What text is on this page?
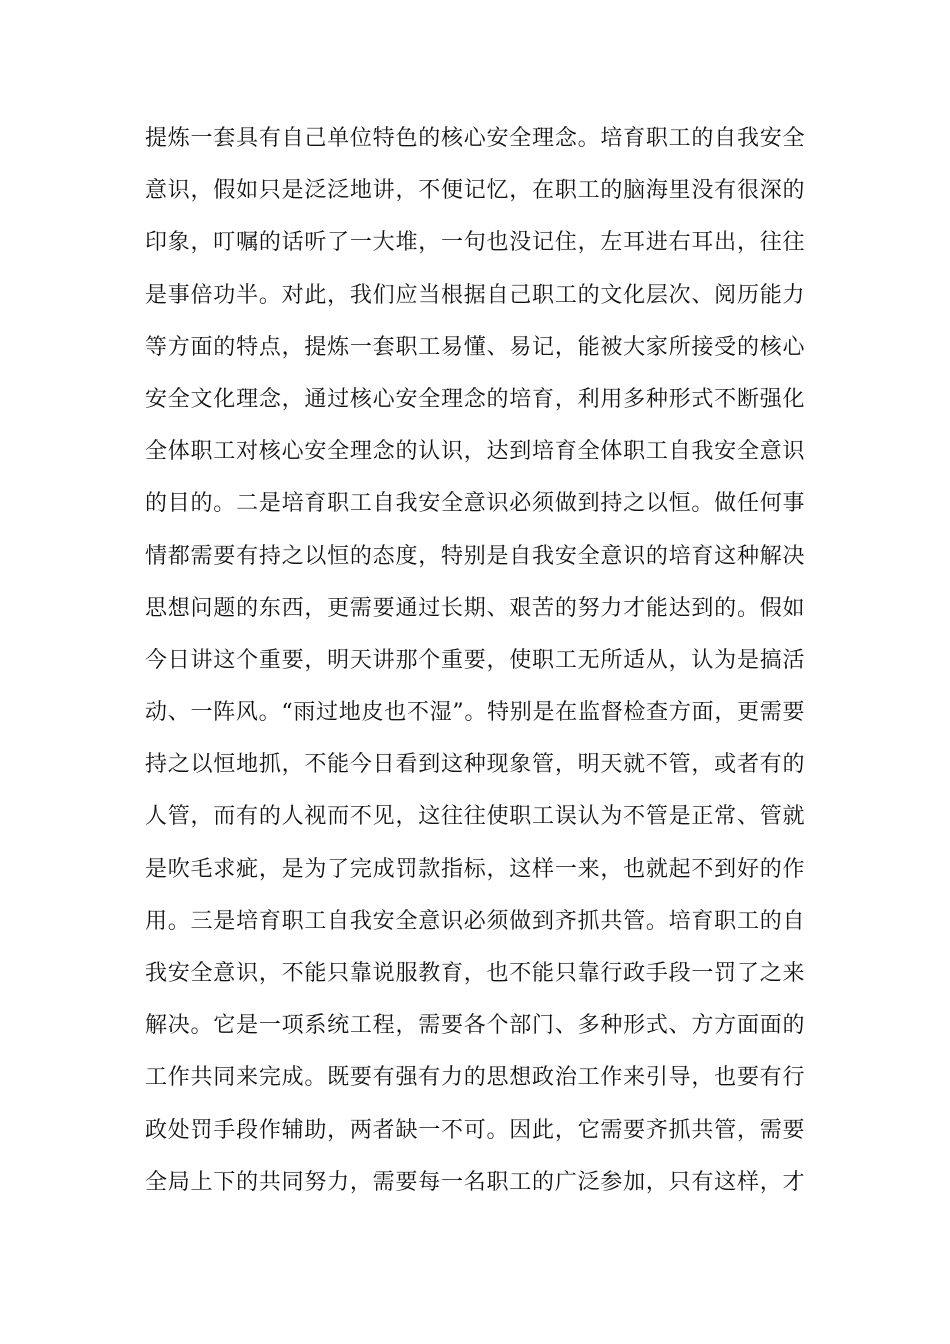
提炼一套具有自己单位特色的核心安全理念。培育职工的自我安全
意识，假如只是泛泛地讲，不便记忆，在职工的脑海里没有很深的
印象，叮嘱的话听了一大堆，一句也没记住，左耳进右耳出，往往
是事倍功半。对此，我们应当根据自己职工的文化层次、阅历能力
等方面的特点，提炼一套职工易懂、易记，能被大家所接受的核心
安全文化理念，通过核心安全理念的培育，利用多种形式不断强化
全体职工对核心安全理念的认识，达到培育全体职工自我安全意识
的目的。二是培育职工自我安全意识必须做到持之以恒。做任何事
情都需要有持之以恒的态度，特别是自我安全意识的培育这种解决
思想问题的东西，更需要通过长期、艰苦的努力才能达到的。假如
今日讲这个重要，明天讲那个重要，使职工无所适从，认为是搞活
动、一阵风。“雨过地皮也不湿”。特别是在监督检查方面，更需要
持之以恒地抓，不能今日看到这种现象管，明天就不管，或者有的
人管，而有的人视而不见，这往往使职工误认为不管是正常、管就
是吹毛求疵，是为了完成罚款指标，这样一来，也就起不到好的作
用。三是培育职工自我安全意识必须做到齐抓共管。培育职工的自
我安全意识，不能只靠说服教育，也不能只靠行政手段一罚了之来
解决。它是一项系统工程，需要各个部门、多种形式、方方面面的
工作共同来完成。既要有强有力的思想政治工作来引导，也要有行
政处罚手段作辅助，两者缺一不可。因此，它需要齐抓共管，需要
全局上下的共同努力，需要每一名职工的广泛参加，只有这样，才
